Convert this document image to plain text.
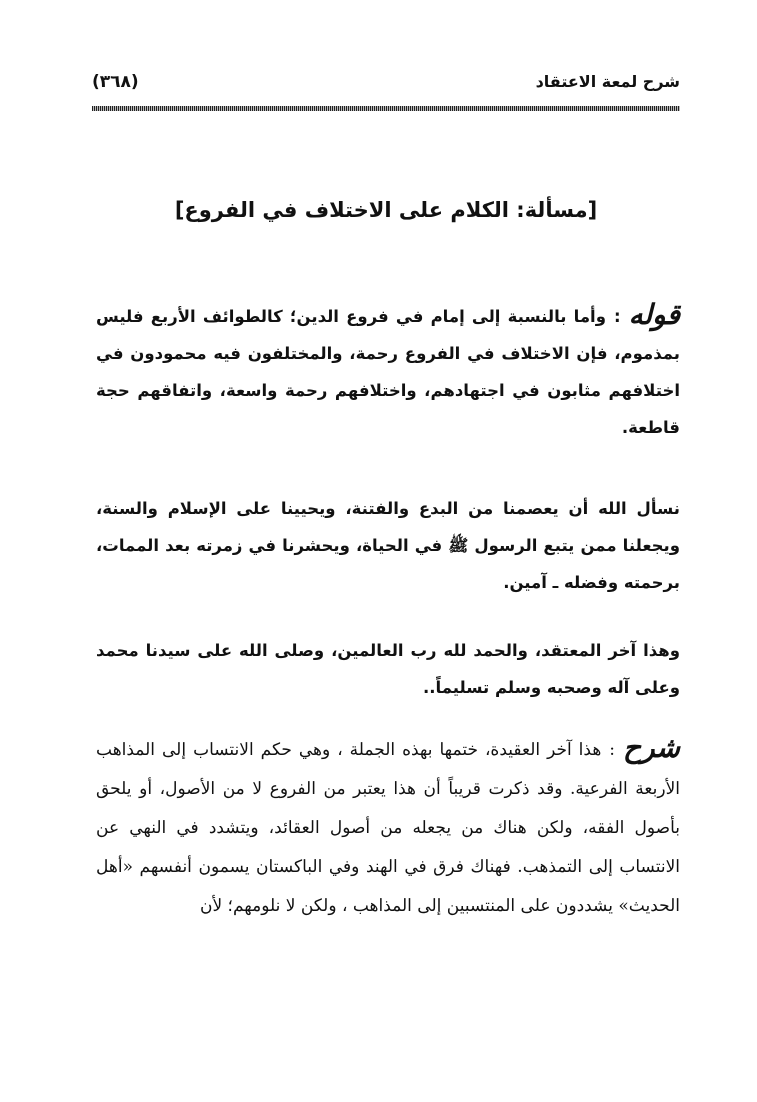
شرح لمعة الاعتقاد
(٣٦٨)
[مسألة: الكلام على الاختلاف في الفروع]
قوله:وأما بالنسبة إلى إمام في فروع الدين؛ كالطوائف الأربع فليس بمذموم، فإن الاختلاف في الفروع رحمة، والمختلفون فيه محمودون في اختلافهم مثابون في اجتهادهم، واختلافهم رحمة واسعة، واتفاقهم حجة قاطعة.
نسأل الله أن يعصمنا من البدع والفتنة، ويحيينا على الإسلام والسنة، ويجعلنا ممن يتبع الرسول ﷺ في الحياة، ويحشرنا في زمرته بعد الممات، برحمته وفضله ـ آمين.
وهذا آخر المعتقد، والحمد لله رب العالمين، وصلى الله على سيدنا محمد وعلى آله وصحبه وسلم تسليماً..
شرح:هذا آخر العقيدة، ختمها بهذه الجملة ، وهي حكم الانتساب إلى المذاهب الأربعة الفرعية. وقد ذكرت قريباً أن هذا يعتبر من الفروع لا من الأصول، أو يلحق بأصول الفقه، ولكن هناك من يجعله من أصول العقائد، ويتشدد في النهي عن الانتساب إلى التمذهب. فهناك فرق في الهند وفي الباكستان يسمون أنفسهم «أهل الحديث» يشددون على المنتسبين إلى المذاهب ، ولكن لا نلومهم؛ لأن
